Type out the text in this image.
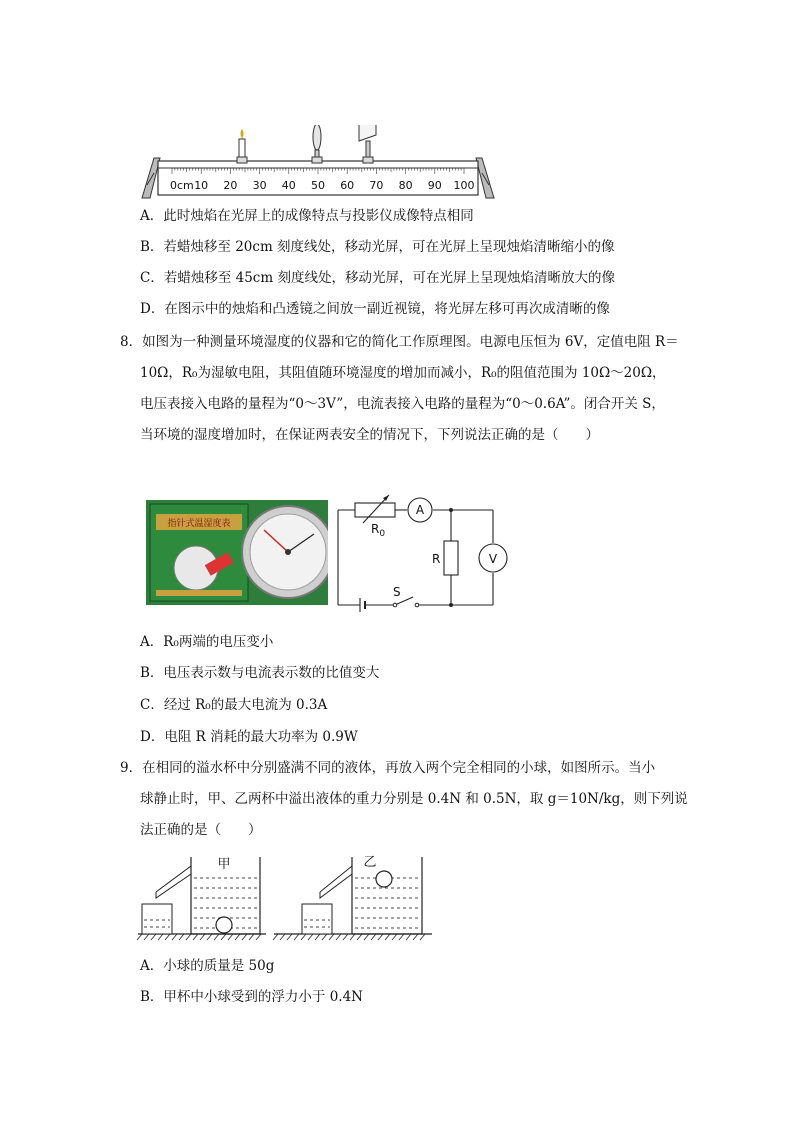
0cm 10 20 30 40 50 60 70 80 90 100
A．此时烛焰在光屏上的成像特点与投影仪成像特点相同
B．若蜡烛移至 20cm 刻度线处，移动光屏，可在光屏上呈现烛焰清晰缩小的像
C．若蜡烛移至 45cm 刻度线处，移动光屏，可在光屏上呈现烛焰清晰放大的像
D．在图示中的烛焰和凸透镜之间放一副近视镜，将光屏左移可再次成清晰的像
8．如图为一种测量环境湿度的仪器和它的简化工作原理图。电源电压恒为 6V，定值电阻 R＝
10Ω，R₀为湿敏电阻，其阻值随环境湿度的增加而减小，R₀的阻值范围为 10Ω～20Ω，
电压表接入电路的量程为“0～3V”，电流表接入电路的量程为“0～0.6A”。闭合开关 S，
当环境的湿度增加时，在保证两表安全的情况下，下列说法正确的是（　　）
指针式温湿度表
A
V
$R_0$
R
S
A．R₀两端的电压变小
B．电压表示数与电流表示数的比值变大
C．经过 R₀的最大电流为 0.3A
D．电阻 R 消耗的最大功率为 0.9W
9．在相同的溢水杯中分别盛满不同的液体，再放入两个完全相同的小球，如图所示。当小
球静止时，甲、乙两杯中溢出液体的重力分别是 0.4N 和 0.5N，取 g＝10N/kg，则下列说
法正确的是（　　）
甲	乙
A．小球的质量是 50g
B．甲杯中小球受到的浮力小于 0.4N
